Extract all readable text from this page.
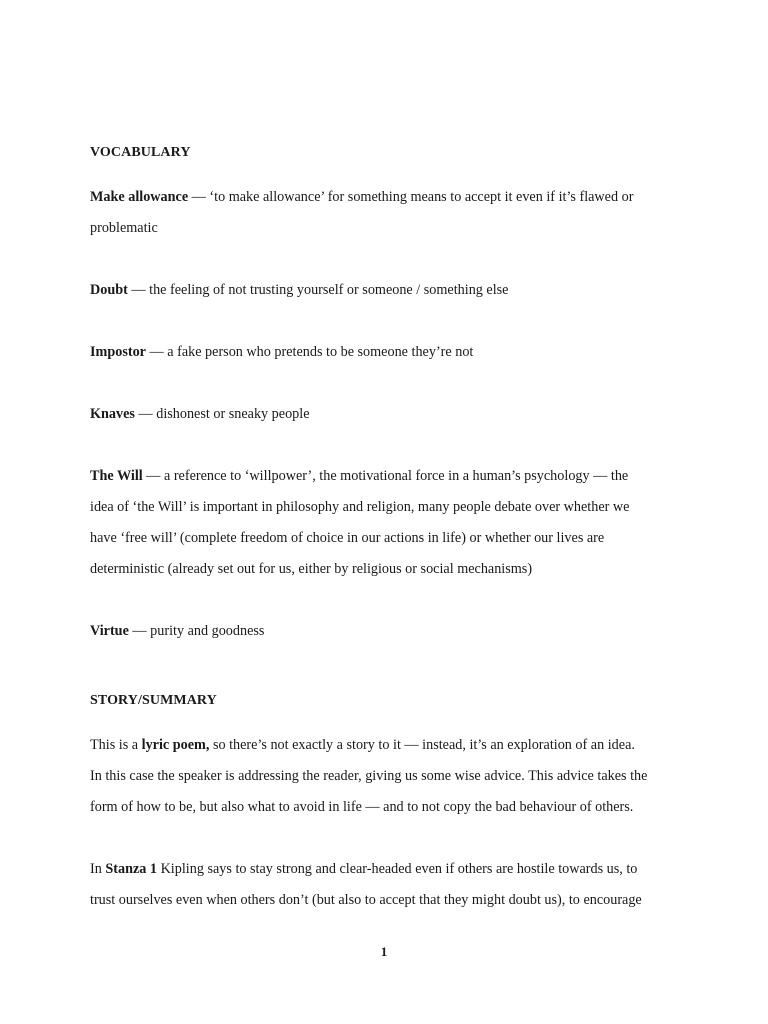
VOCABULARY
Make allowance — ‘to make allowance’ for something means to accept it even if it’s flawed or
problematic
Doubt — the feeling of not trusting yourself or someone / something else
Impostor — a fake person who pretends to be someone they’re not
Knaves — dishonest or sneaky people
The Will — a reference to ‘willpower’, the motivational force in a human’s psychology — the
idea of ‘the Will’ is important in philosophy and religion, many people debate over whether we
have ‘free will’ (complete freedom of choice in our actions in life) or whether our lives are
deterministic (already set out for us, either by religious or social mechanisms)
Virtue — purity and goodness
STORY/SUMMARY
This is a lyric poem, so there’s not exactly a story to it — instead, it’s an exploration of an idea.
In this case the speaker is addressing the reader, giving us some wise advice. This advice takes the
form of how to be, but also what to avoid in life — and to not copy the bad behaviour of others.
In Stanza 1 Kipling says to stay strong and clear-headed even if others are hostile towards us, to
trust ourselves even when others don’t (but also to accept that they might doubt us), to encourage
1
